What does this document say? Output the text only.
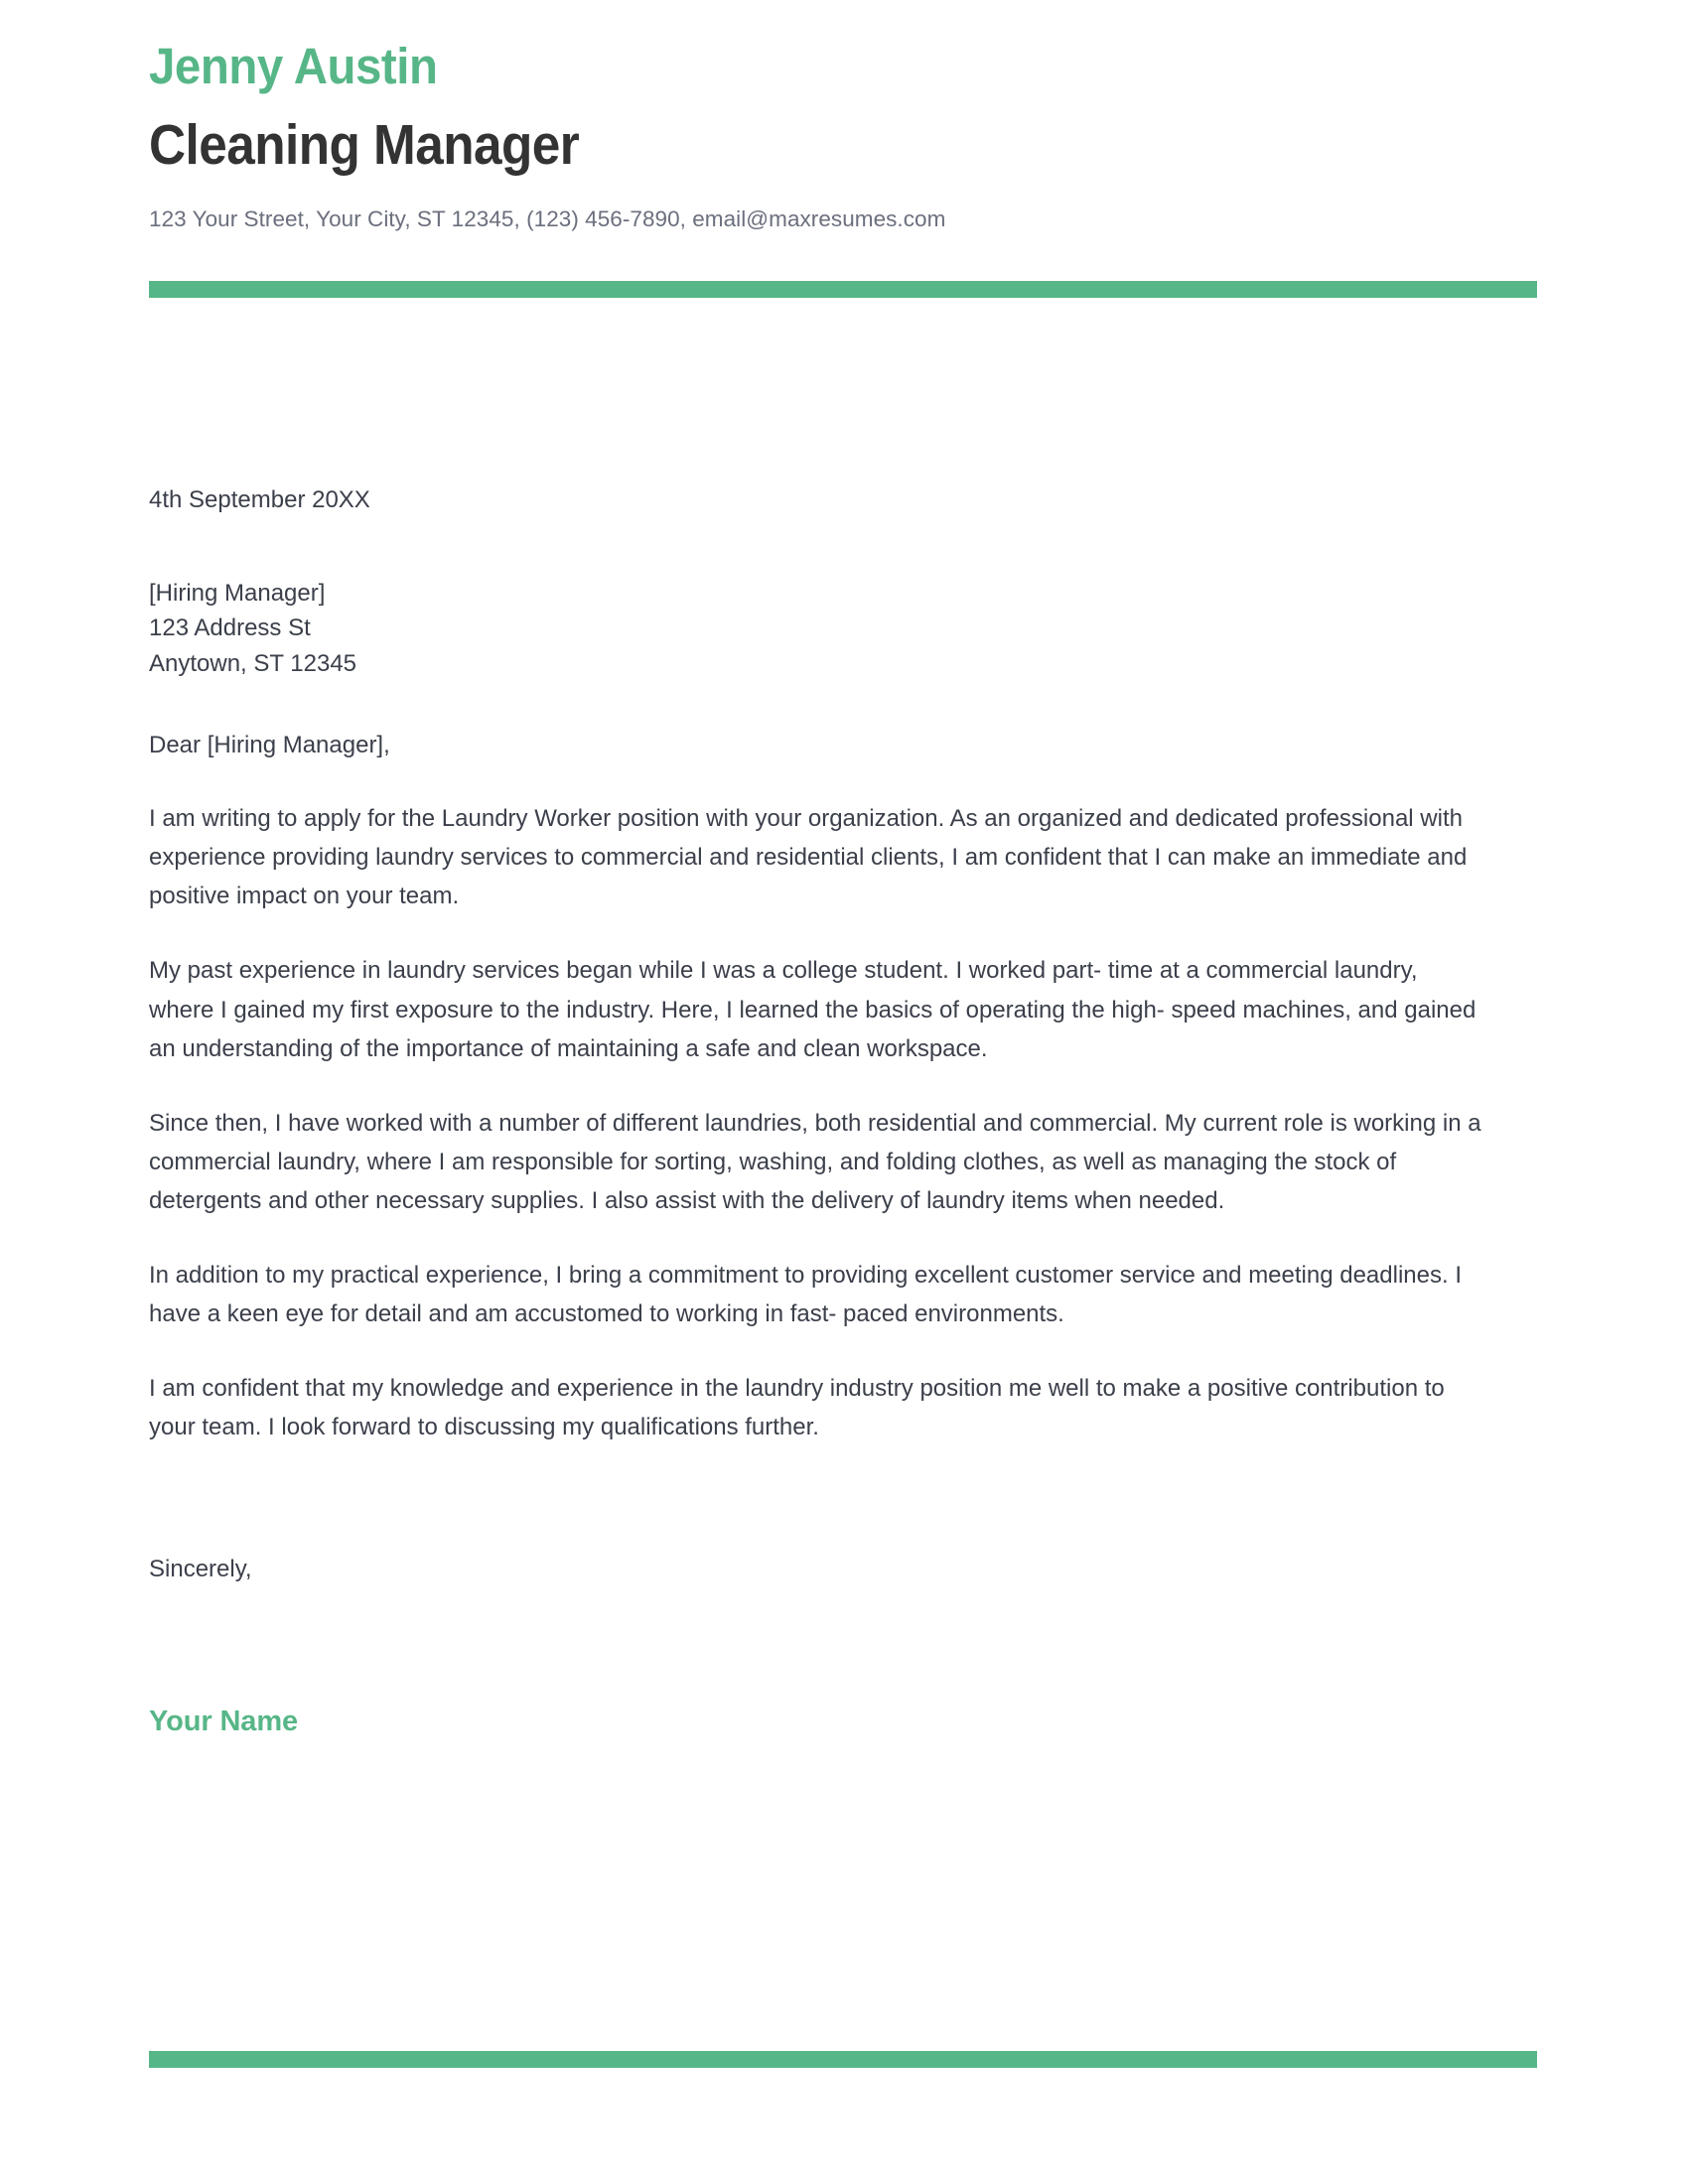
Jenny Austin
Cleaning Manager

123 Your Street, Your City, ST 12345, (123) 456-7890, email@maxresumes.com

4th September 20XX
[Hiring Manager]
123 Address St
Anytown, ST 12345
Dear [Hiring Manager],

I am writing to apply for the Laundry Worker position with your organization. As an organized and dedicated professional with experience providing laundry services to commercial and residential clients, I am confident that I can make an immediate and positive impact on your team.

My past experience in laundry services began while I was a college student. I worked part- time at a commercial laundry, where I gained my first exposure to the industry. Here, I learned the basics of operating the high- speed machines, and gained an understanding of the importance of maintaining a safe and clean workspace.

Since then, I have worked with a number of different laundries, both residential and commercial. My current role is working in a commercial laundry, where I am responsible for sorting, washing, and folding clothes, as well as managing the stock of detergents and other necessary supplies. I also assist with the delivery of laundry items when needed.

In addition to my practical experience, I bring a commitment to providing excellent customer service and meeting deadlines. I have a keen eye for detail and am accustomed to working in fast- paced environments.

I am confident that my knowledge and experience in the laundry industry position me well to make a positive contribution to your team. I look forward to discussing my qualifications further.

Sincerely,
Your Name
